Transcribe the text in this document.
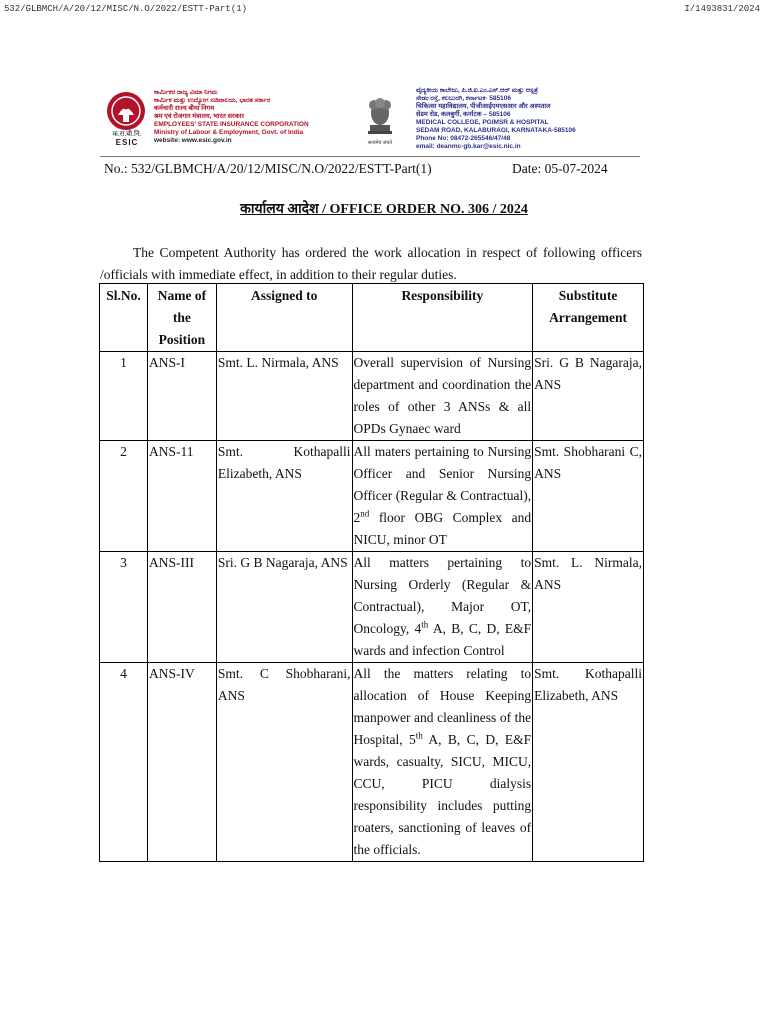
532/GLBMCH/A/20/12/MISC/N.O/2022/ESTT-Part(1)	I/1493831/2024
क.रा.बी.नि.
ESIC
ಕಾರ್ಮಿಕರ ರಾಜ್ಯ ವಿಮಾ ನಿಗಮ
ಕಾರ್ಮಿಕ ಮತ್ತು ಉದ್ಯೋಗ ಸಚಿವಾಲಯ, ಭಾರತ ಸರ್ಕಾರ
कर्मचारी राज्य बीमा निगम
श्रम एवं रोजगार मंत्रालय, भारत सरकार
EMPLOYEES' STATE INSURANCE CORPORATION
Ministry of Labour & Employment, Govt. of India
website: www.esic.gov.in	सत्यमेव जयते
ವೈದ್ಯಕೀಯ ಕಾಲೇಜು, ಪಿ.ಜಿ.ಐ.ಎಂ.ಎಸ್.ಆರ್ ಮತ್ತು ಆಸ್ಪತ್ರೆ
ಸೇಡಂ ರಸ್ತೆ, ಕಲಬುರಗಿ, ಕರ್ನಾಟಕ- 585106
चिकित्सा महाविद्यालय, पीजीआईएमएसआर और अस्पताल
सेडम रोड, कलबुर्गी, कर्नाटक – 585106
MEDICAL COLLEGE, PGIMSR & HOSPITAL
SEDAM ROAD, KALABURAGI, KARNATAKA-585106
Phone No: 08472-265546/47/48
email: deanmc-gb.kar@esic.nic.in
No.: 532/GLBMCH/A/20/12/MISC/N.O/2022/ESTT-Part(1)	Date: 05-07-2024
कार्यालय आदेश / OFFICE ORDER NO. 306 / 2024
The Competent Authority has ordered the work allocation in respect of following officers /officials with immediate effect, in addition to their regular duties.
Sl.No.	Name of the Position	Assigned to	Responsibility	Substitute Arrangement
1	ANS-I	Smt. L. Nirmala, ANS	Overall supervision of Nursing department and coordination the roles of other 3 ANSs & all OPDs Gynaec ward	Sri. G B Nagaraja, ANS
2	ANS-11	Smt. Kothapalli Elizabeth, ANS	All maters pertaining to Nursing Officer and Senior Nursing Officer (Regular & Contractual), 2nd floor OBG Complex and NICU, minor OT	Smt. Shobharani C, ANS
3	ANS-III	Sri. G B Nagaraja, ANS	All matters pertaining to Nursing Orderly (Regular & Contractual), Major OT, Oncology, 4th A, B, C, D, E&F wards and infection Control	Smt. L. Nirmala, ANS
4	ANS-IV	Smt. C Shobharani, ANS	All the matters relating to allocation of House Keeping manpower and cleanliness of the Hospital, 5th A, B, C, D, E&F wards, casualty, SICU, MICU, CCU, PICU dialysis responsibility includes putting roaters, sanctioning of leaves of the officials.	Smt. Kothapalli Elizabeth, ANS
